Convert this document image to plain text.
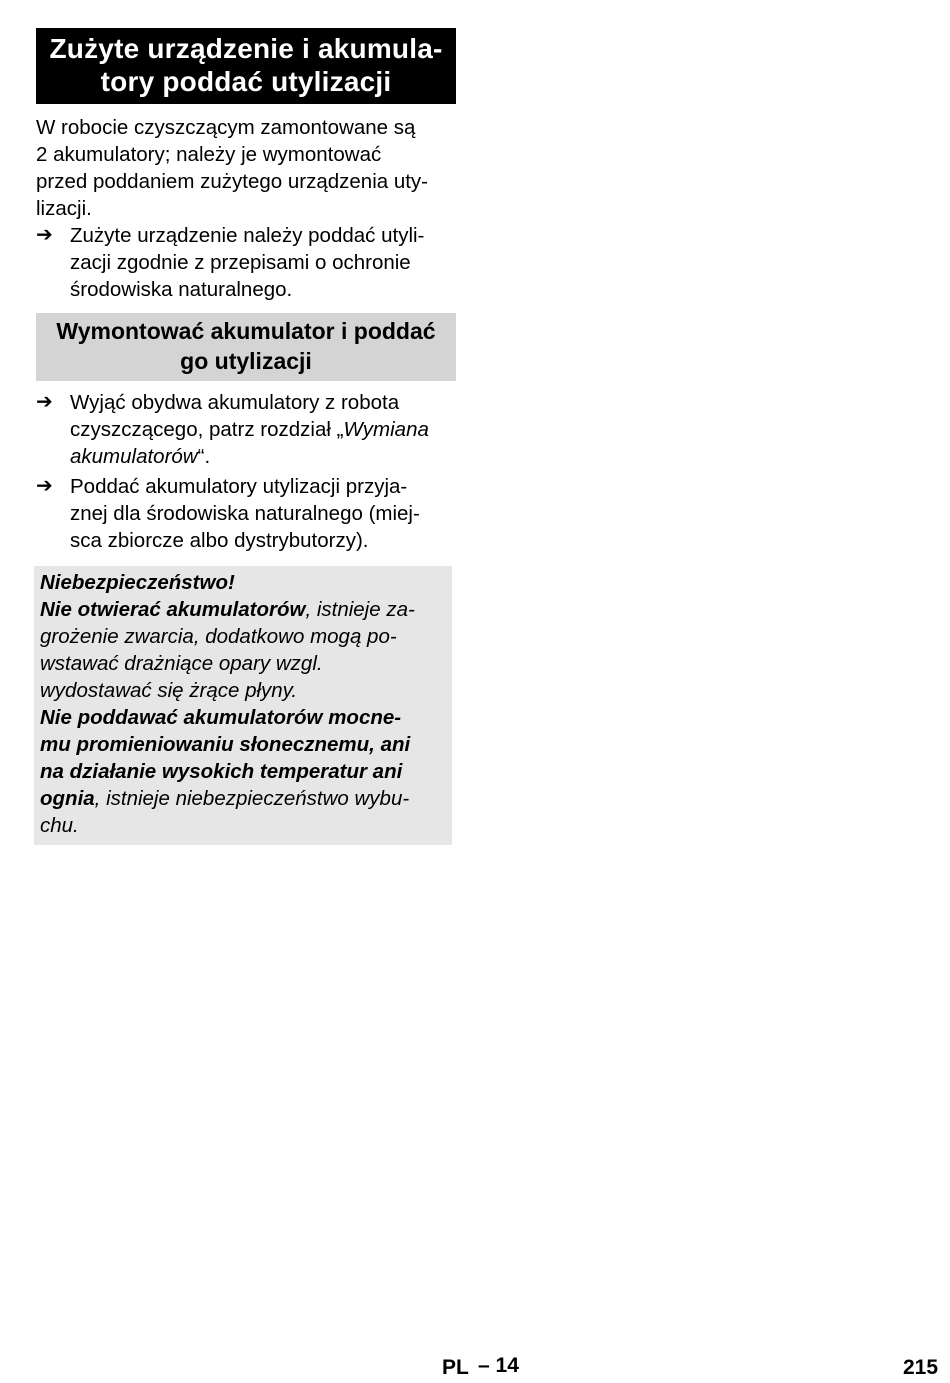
Zużyte urządzenie i akumula-
tory poddać utylizacji
W robocie czyszczącym zamontowane są
2 akumulatory; należy je wymontować
przed poddaniem zużytego urządzenia uty-
lizacji.
➔ Zużyte urządzenie należy poddać utyli-
zacji zgodnie z przepisami o ochronie
środowiska naturalnego.
Wymontować akumulator i poddać
go utylizacji
➔ Wyjąć obydwa akumulatory z robota
czyszczącego, patrz rozdział „Wymiana
akumulatorów“.
➔ Poddać akumulatory utylizacji przyja-
znej dla środowiska naturalnego (miej-
sca zbiorcze albo dystrybutorzy).
Niebezpieczeństwo!
Nie otwierać akumulatorów, istnieje za-
grożenie zwarcia, dodatkowo mogą po-
wstawać drażniące opary wzgl.
wydostawać się żrące płyny.
Nie poddawać akumulatorów mocne-
mu promieniowaniu słonecznemu, ani
na działanie wysokich temperatur ani
ognia, istnieje niebezpieczeństwo wybu-
chu.
PL – 14	215
